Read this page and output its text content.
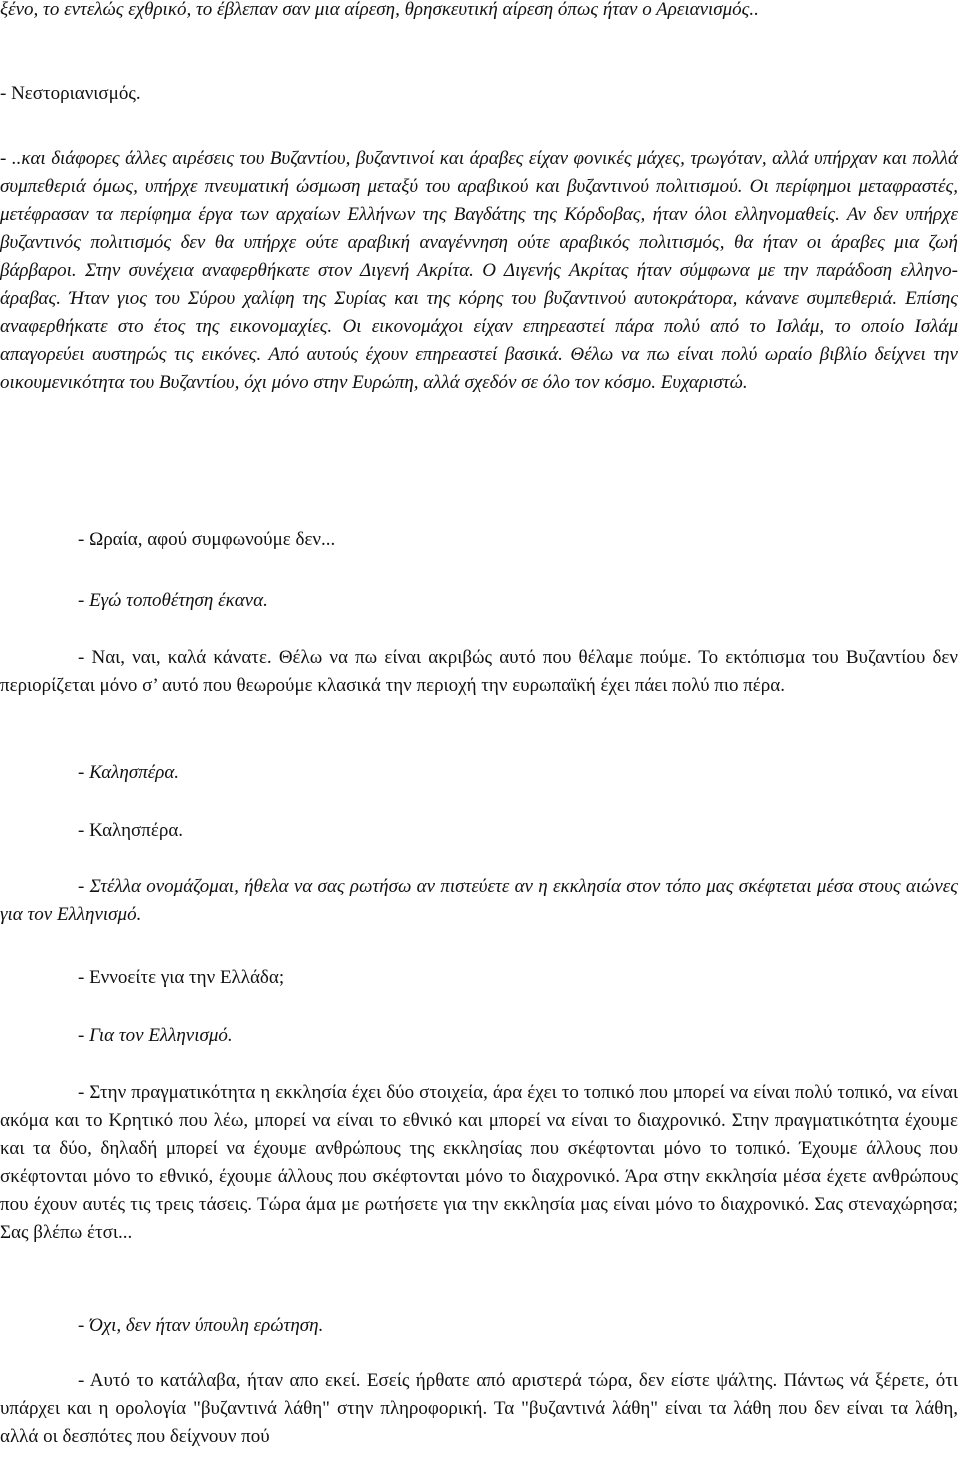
ξένο, το εντελώς εχθρικό, το έβλεπαν σαν μια αίρεση, θρησκευτική αίρεση όπως ήταν ο Αρειανισμός..

- Νεστοριανισμός.

- ..και διάφορες άλλες αιρέσεις του Βυζαντίου, βυζαντινοί και άραβες είχαν φονικές μάχες, τρωγόταν, αλλά υπήρχαν και πολλά συμπεθεριά όμως, υπήρχε πνευματική ώσμωση μεταξύ του αραβικού και βυζαντινού πολιτισμού. Οι περίφημοι μεταφραστές, μετέφρασαν τα περίφημα έργα των αρχαίων Ελλήνων της Βαγδάτης της Κόρδοβας, ήταν όλοι ελληνομαθείς. Αν δεν υπήρχε βυζαντινός πολιτισμός δεν θα υπήρχε ούτε αραβική αναγέννηση ούτε αραβικός πολιτισμός, θα ήταν οι άραβες μια ζωή βάρβαροι. Στην συνέχεια αναφερθήκατε στον Διγενή Ακρίτα. Ο Διγενής Ακρίτας ήταν σύμφωνα με την παράδοση ελληνο-άραβας. Ήταν γιος του Σύρου χαλίφη της Συρίας και της κόρης του βυζαντινού αυτοκράτορα, κάνανε συμπεθεριά. Επίσης αναφερθήκατε στο έτος της εικονομαχίες. Οι εικονομάχοι είχαν επηρεαστεί πάρα πολύ από το Ισλάμ, το οποίο Ισλάμ απαγορεύει αυστηρώς τις εικόνες. Από αυτούς έχουν επηρεαστεί βασικά. Θέλω να πω είναι πολύ ωραίο βιβλίο δείχνει την οικουμενικότητα του Βυζαντίου, όχι μόνο στην Ευρώπη, αλλά σχεδόν σε όλο τον κόσμο. Ευχαριστώ.

- Ωραία, αφού συμφωνούμε δεν...

- Εγώ τοποθέτηση έκανα.

- Ναι, ναι, καλά κάνατε. Θέλω να πω είναι ακριβώς αυτό που θέλαμε πούμε. Το εκτόπισμα του Βυζαντίου δεν περιορίζεται μόνο σ’ αυτό που θεωρούμε κλασικά την περιοχή την ευρωπαϊκή έχει πάει πολύ πιο πέρα.

- Καλησπέρα.

- Καλησπέρα.

- Στέλλα ονομάζομαι, ήθελα να σας ρωτήσω αν πιστεύετε αν η εκκλησία στον τόπο μας σκέφτεται μέσα στους αιώνες για τον Ελληνισμό.

- Εννοείτε για την Ελλάδα;

- Για τον Ελληνισμό.

- Στην πραγματικότητα η εκκλησία έχει δύο στοιχεία, άρα έχει το τοπικό που μπορεί να είναι πολύ τοπικό, να είναι ακόμα και το Κρητικό που λέω, μπορεί να είναι το εθνικό και μπορεί να είναι το διαχρονικό. Στην πραγματικότητα έχουμε και τα δύο, δηλαδή μπορεί να έχουμε ανθρώπους της εκκλησίας που σκέφτονται μόνο το τοπικό. Έχουμε άλλους που σκέφτονται μόνο το εθνικό, έχουμε άλλους που σκέφτονται μόνο το διαχρονικό. Άρα στην εκκλησία μέσα έχετε ανθρώπους που έχουν αυτές τις τρεις τάσεις. Τώρα άμα με ρωτήσετε για την εκκλησία μας είναι μόνο το διαχρονικό. Σας στεναχώρησα; Σας βλέπω έτσι...

- Όχι, δεν ήταν ύπουλη ερώτηση.

- Αυτό το κατάλαβα, ήταν απο εκεί. Εσείς ήρθατε από αριστερά τώρα, δεν είστε ψάλτης. Πάντως νά ξέρετε, ότι υπάρχει και η ορολογία "βυζαντινά λάθη" στην πληροφορική. Τα "βυζαντινά λάθη" είναι τα λάθη που δεν είναι τα λάθη, αλλά οι δεσπότες που δείχνουν πού
